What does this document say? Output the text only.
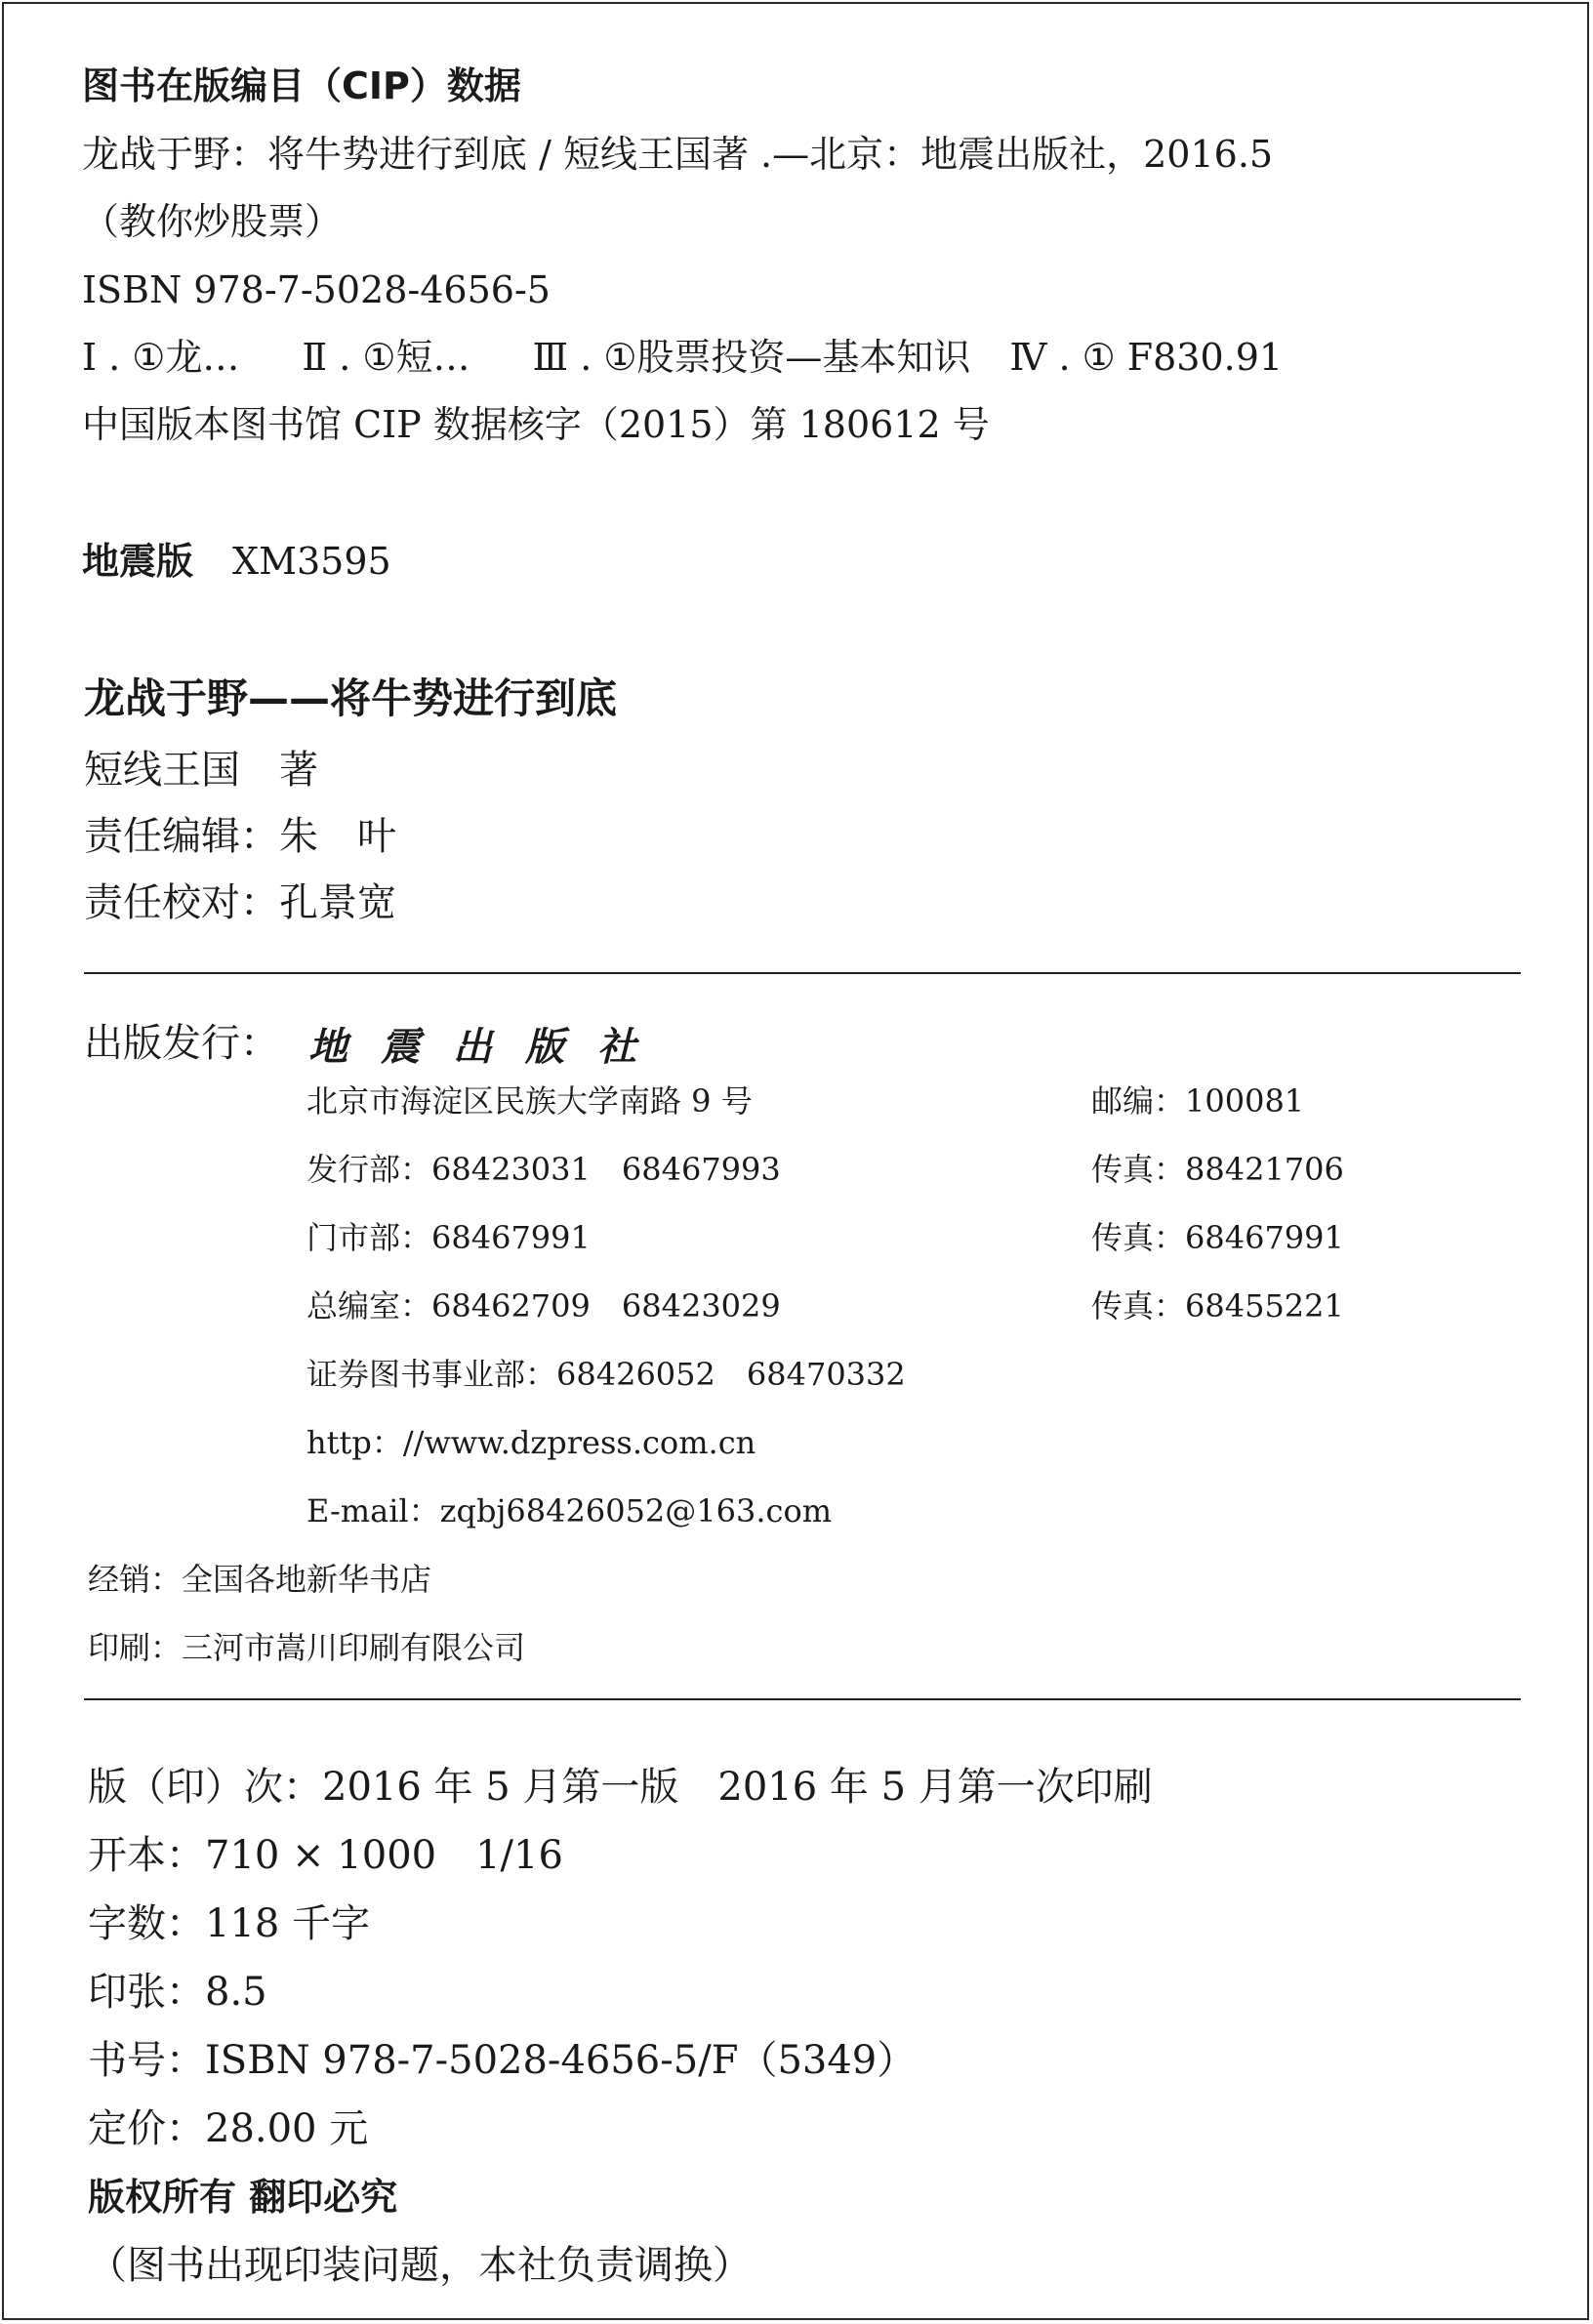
图书在版编目（CIP）数据
龙战于野：将牛势进行到底 / 短线王国著 .—北京：地震出版社，2016.5
（教你炒股票）
ISBN 978-7-5028-4656-5
Ⅰ . ①龙… Ⅱ . ①短… Ⅲ . ①股票投资—基本知识 Ⅳ . ① F830.91
中国版本图书馆 CIP 数据核字（2015）第 180612 号
地震版 XM3595
龙战于野——将牛势进行到底
短线王国　著
责任编辑：朱　叶
责任校对：孔景宽
出版发行： 地震出版社
北京市海淀区民族大学南路 9 号	邮编：100081
发行部：68423031　68467993	传真：88421706
门市部：68467991	传真：68467991
总编室：68462709　68423029	传真：68455221
证券图书事业部：68426052　68470332
http：//www.dzpress.com.cn
E-mail：zqbj68426052@163.com
经销：全国各地新华书店
印刷：三河市嵩川印刷有限公司
版（印）次：2016 年 5 月第一版　2016 年 5 月第一次印刷
开本：710 × 1000　1/16
字数：118 千字
印张：8.5
书号：ISBN 978-7-5028-4656-5/F（5349）
定价：28.00 元
版权所有 翻印必究
（图书出现印装问题，本社负责调换）
